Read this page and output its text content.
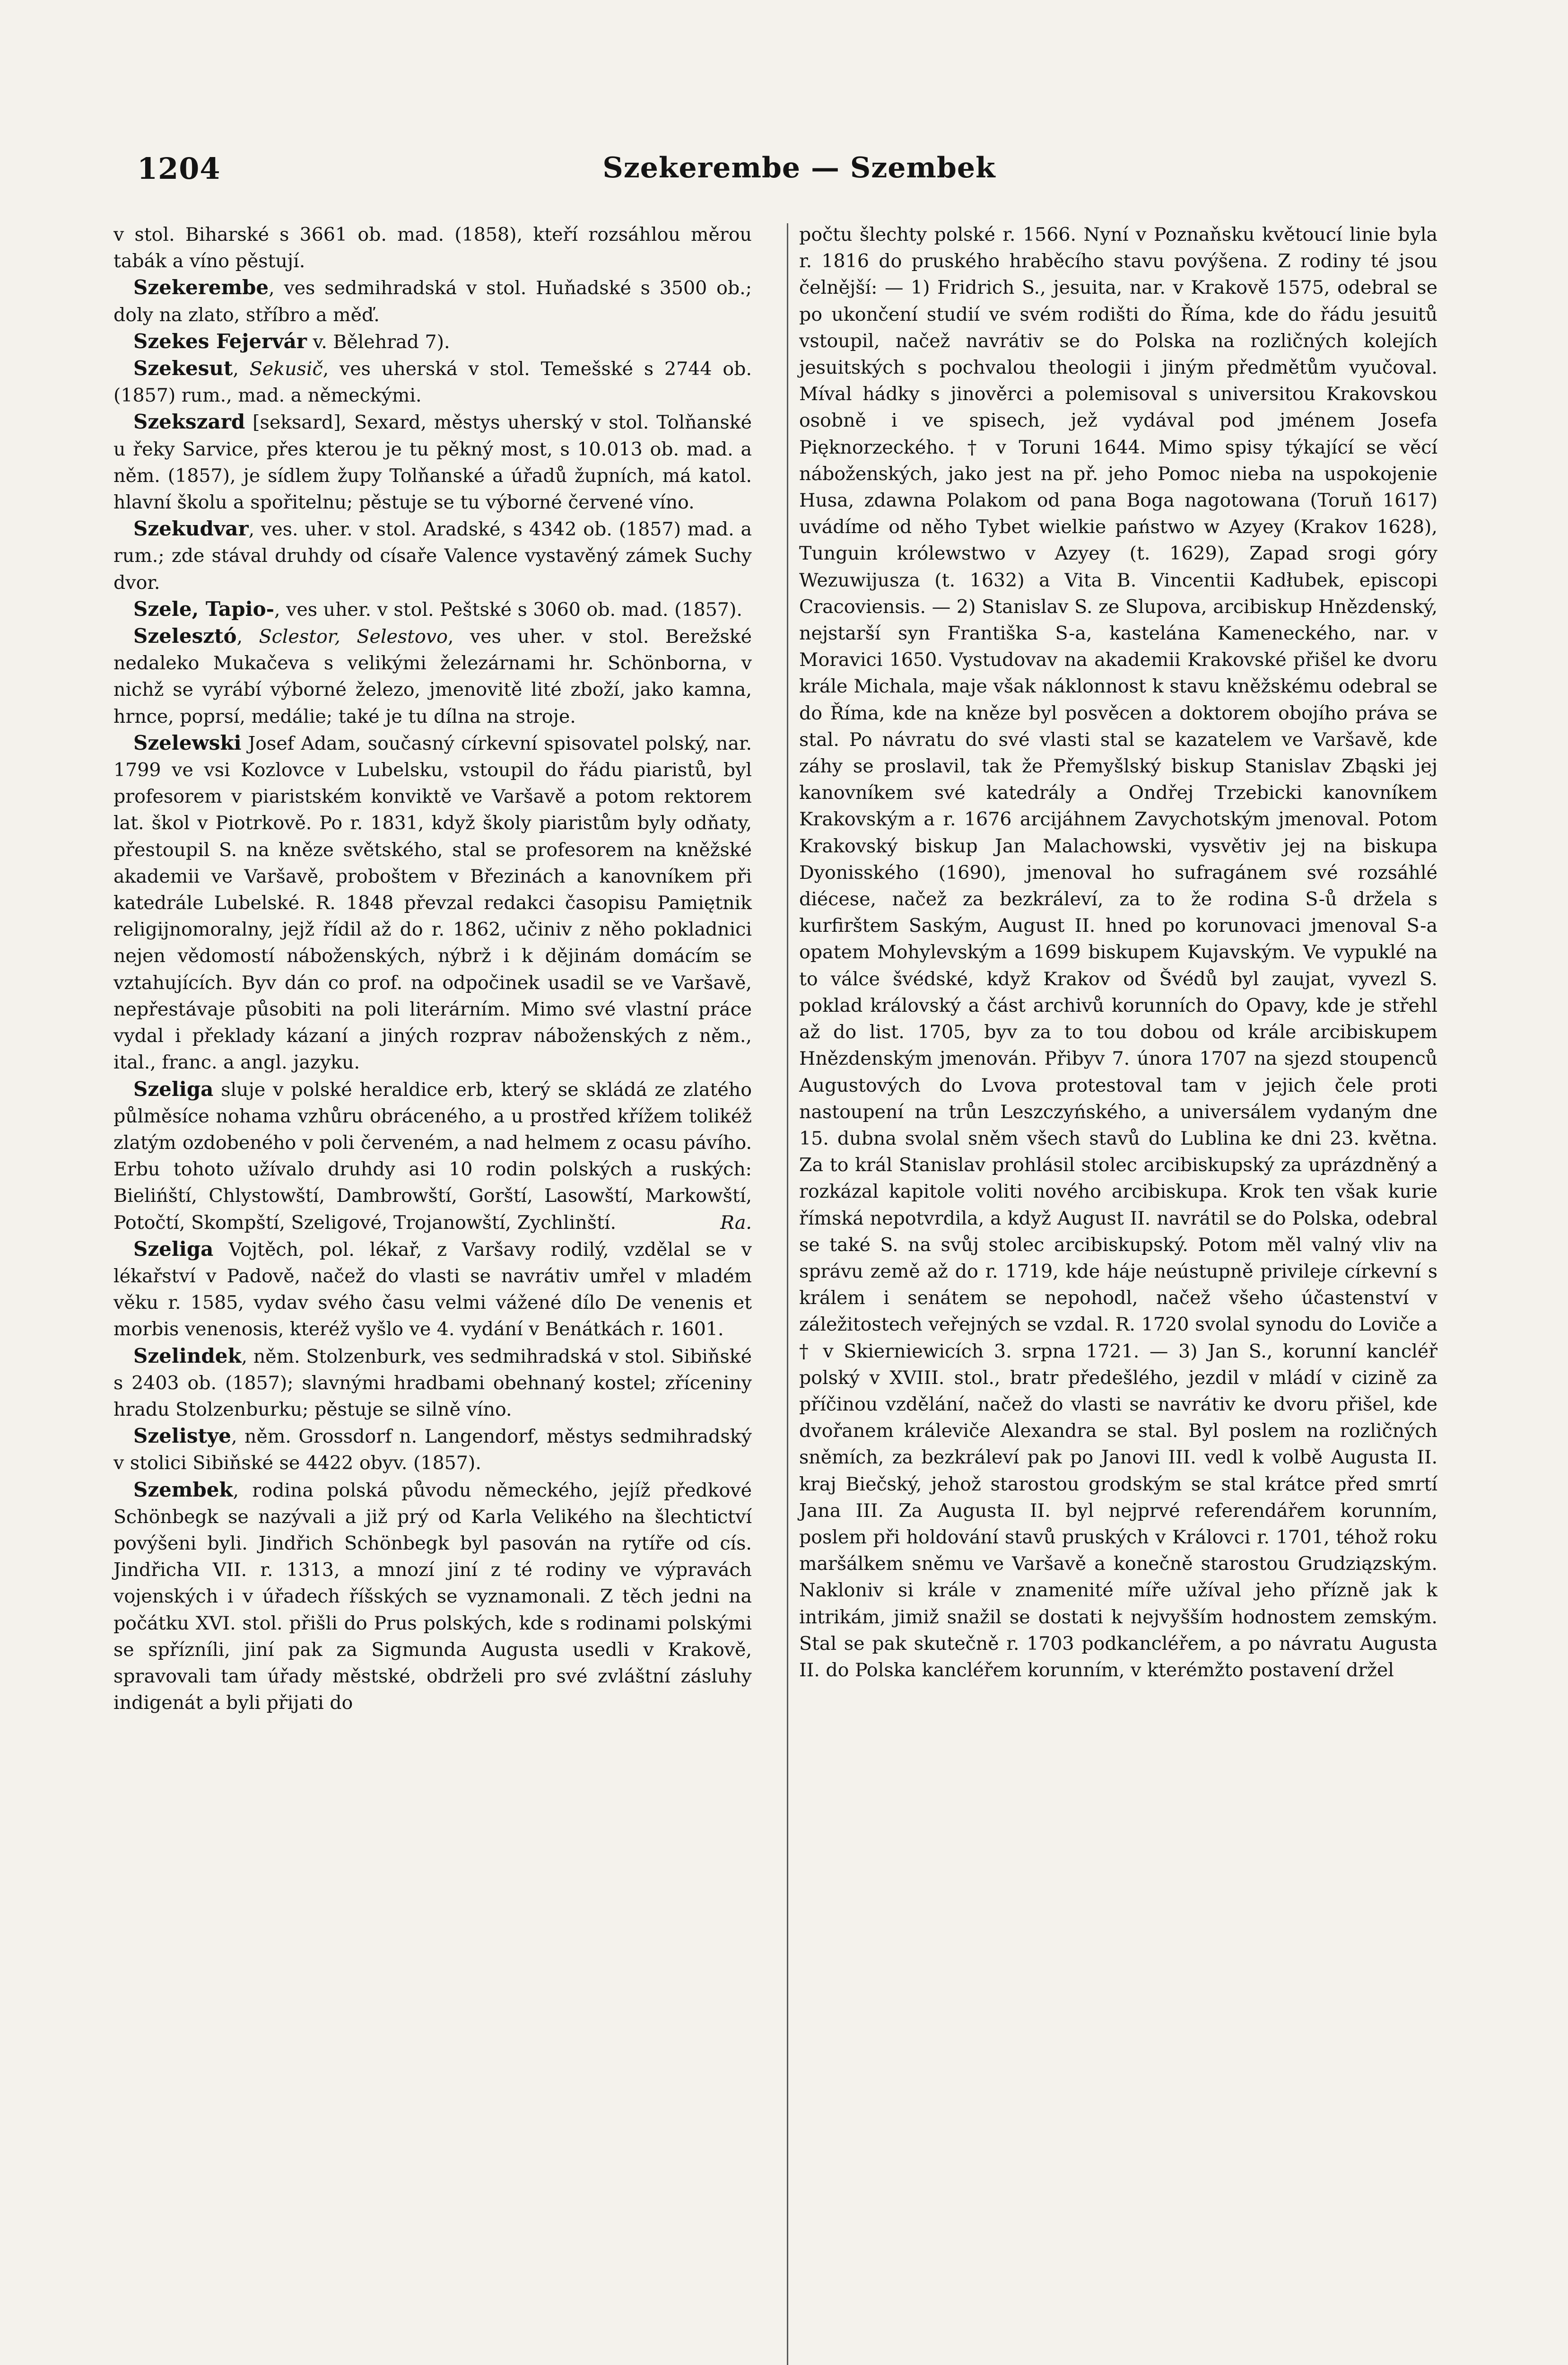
1204	Szekerembe — Szembek

v stol. Biharské s 3661 ob. mad. (1858), kteří rozsáhlou měrou tabák a víno pěstují.

Szekerembe, ves sedmihradská v stol. Huňadské s 3500 ob.; doly na zlato, stříbro a měď.

Szekes Fejervár v. Bělehrad 7).

Szekesut, Sekusič, ves uherská v stol. Temešské s 2744 ob. (1857) rum., mad. a německými.

Szekszard [seksard], Sexard, městys uherský v stol. Tolňanské u řeky Sarvice, přes kterou je tu pěkný most, s 10.013 ob. mad. a něm. (1857), je sídlem župy Tolňanské a úřadů župních, má katol. hlavní školu a spořitelnu; pěstuje se tu výborné červené víno.

Szekudvar, ves. uher. v stol. Aradské, s 4342 ob. (1857) mad. a rum.; zde stával druhdy od císaře Valence vystavěný zámek Suchy dvor.

Szele, Tapio-, ves uher. v stol. Peštské s 3060 ob. mad. (1857).

Szelesztó, Sclestor, Selestovo, ves uher. v stol. Berežské nedaleko Mukačeva s velikými železárnami hr. Schönborna, v nichž se vyrábí výborné železo, jmenovitě lité zboží, jako kamna, hrnce, poprsí, medálie; také je tu dílna na stroje.

Szelewski Josef Adam, současný církevní spisovatel polský, nar. 1799 ve vsi Kozlovce v Lubelsku, vstoupil do řádu piaristů, byl profesorem v piaristském konviktě ve Varšavě a potom rektorem lat. škol v Piotrkově. Po r. 1831, když školy piaristům byly odňaty, přestoupil S. na kněze světského, stal se profesorem na kněžské akademii ve Varšavě, proboštem v Březinách a kanovníkem při katedrále Lubelské. R. 1848 převzal redakci časopisu Pamiętnik religijnomoralny, jejž řídil až do r. 1862, učiniv z něho pokladnici nejen vědomostí náboženských, nýbrž i k dějinám domácím se vztahujících. Byv dán co prof. na odpočinek usadil se ve Varšavě, nepřestávaje působiti na poli literárním. Mimo své vlastní práce vydal i překlady kázaní a jiných rozprav náboženských z něm., ital., franc. a angl. jazyku.

Szeliga sluje v polské heraldice erb, který se skládá ze zlatého půlměsíce nohama vzhůru obráceného, a u prostřed křížem tolikéž zlatým ozdobeného v poli červeném, a nad helmem z ocasu pávího. Erbu tohoto užívalo druhdy asi 10 rodin polských a ruských: Bielińští, Chlystowští, Dambrowští, Gorští, Lasowští, Markowští, Potočtí, Skompští, Szeligové, Trojanowští, Zychlinští.	Ra.

Szeliga Vojtěch, pol. lékař, z Varšavy rodilý, vzdělal se v lékařství v Padově, načež do vlasti se navrátiv umřel v mladém věku r. 1585, vydav svého času velmi vážené dílo De venenis et morbis venenosis, kteréž vyšlo ve 4. vydání v Benátkách r. 1601.

Szelindek, něm. Stolzenburk, ves sedmihradská v stol. Sibiňské s 2403 ob. (1857); slavnými hradbami obehnaný kostel; zříceniny hradu Stolzenburku; pěstuje se silně víno.

Szelistye, něm. Grossdorf n. Langendorf, městys sedmihradský v stolici Sibiňské se 4422 obyv. (1857).

Szembek, rodina polská původu německého, jejíž předkové Schönbegk se nazývali a již prý od Karla Velikého na šlechtictví povýšeni byli. Jindřich Schönbegk byl pasován na rytíře od cís. Jindřicha VII. r. 1313, a mnozí jiní z té rodiny ve výpravách vojenských i v úřadech říšských se vyznamonali. Z těch jedni na počátku XVI. stol. přišli do Prus polských, kde s rodinami polskými se spřízníli, jiní pak za Sigmunda Augusta usedli v Krakově, spravovali tam úřady městské, obdrželi pro své zvláštní zásluhy indigenát a byli přijati do

počtu šlechty polské r. 1566. Nyní v Poznaňsku květoucí linie byla r. 1816 do pruského hraběcího stavu povýšena. Z rodiny té jsou čelnější: — 1) Fridrich S., jesuita, nar. v Krakově 1575, odebral se po ukončení studií ve svém rodišti do Říma, kde do řádu jesuitů vstoupil, načež navrátiv se do Polska na rozličných kolejích jesuitských s pochvalou theologii i jiným předmětům vyučoval. Míval hádky s jinověrci a polemisoval s universitou Krakovskou osobně i ve spisech, jež vydával pod jménem Josefa Pięknorzeckého. † v Toruni 1644. Mimo spisy týkající se věcí náboženských, jako jest na př. jeho Pomoc nieba na uspokojenie Husa, zdawna Polakom od pana Boga nagotowana (Toruň 1617) uvádíme od něho Tybet wielkie państwo w Azyey (Krakov 1628), Tunguin królewstwo v Azyey (t. 1629), Zapad srogi góry Wezuwijusza (t. 1632) a Vita B. Vincentii Kadłubek, episcopi Cracoviensis. — 2) Stanislav S. ze Slupova, arcibiskup Hnězdenský, nejstarší syn Františka S-a, kastelána Kameneckého, nar. v Moravici 1650. Vystudovav na akademii Krakovské přišel ke dvoru krále Michala, maje však náklonnost k stavu kněžskému odebral se do Říma, kde na kněze byl posvěcen a doktorem obojího práva se stal. Po návratu do své vlasti stal se kazatelem ve Varšavě, kde záhy se proslavil, tak že Přemyšlský biskup Stanislav Zbąski jej kanovníkem své katedrály a Ondřej Trzebicki kanovníkem Krakovským a r. 1676 arcijáhnem Zavychotským jmenoval. Potom Krakovský biskup Jan Malachowski, vysvětiv jej na biskupa Dyonisského (1690), jmenoval ho sufragánem své rozsáhlé diécese, načež za bezkráleví, za to že rodina S-ů držela s kurfirštem Saským, August II. hned po korunovaci jmenoval S-a opatem Mohylevským a 1699 biskupem Kujavským. Ve vypuklé na to válce švédské, když Krakov od Švédů byl zaujat, vyvezl S. poklad královský a část archivů korunních do Opavy, kde je střehl až do list. 1705, byv za to tou dobou od krále arcibiskupem Hnězdenským jmenován. Přibyv 7. února 1707 na sjezd stoupenců Augustových do Lvova protestoval tam v jejich čele proti nastoupení na trůn Leszczyńského, a universálem vydaným dne 15. dubna svolal sněm všech stavů do Lublina ke dni 23. května. Za to král Stanislav prohlásil stolec arcibiskupský za uprázdněný a rozkázal kapitole voliti nového arcibiskupa. Krok ten však kurie římská nepotvrdila, a když August II. navrátil se do Polska, odebral se také S. na svůj stolec arcibiskupský. Potom měl valný vliv na správu země až do r. 1719, kde háje neústupně privileje církevní s králem i senátem se nepohodl, načež všeho účastenství v záležitostech veřejných se vzdal. R. 1720 svolal synodu do Loviče a † v Skierniewicích 3. srpna 1721. — 3) Jan S., korunní kancléř polský v XVIII. stol., bratr předešlého, jezdil v mládí v cizině za příčinou vzdělání, načež do vlasti se navrátiv ke dvoru přišel, kde dvořanem králeviče Alexandra se stal. Byl poslem na rozličných sněmích, za bezkráleví pak po Janovi III. vedl k volbě Augusta II. kraj Biečský, jehož starostou grodským se stal krátce před smrtí Jana III. Za Augusta II. byl nejprvé referendářem korunním, poslem při holdování stavů pruských v Královci r. 1701, téhož roku maršálkem sněmu ve Varšavě a konečně starostou Grudziązským. Nakloniv si krále v znamenité míře užíval jeho přízně jak k intrikám, jimiž snažil se dostati k nejvyšším hodnostem zemským. Stal se pak skutečně r. 1703 podkancléřem, a po návratu Augusta II. do Polska kancléřem korunním, v kterémžto postavení držel
